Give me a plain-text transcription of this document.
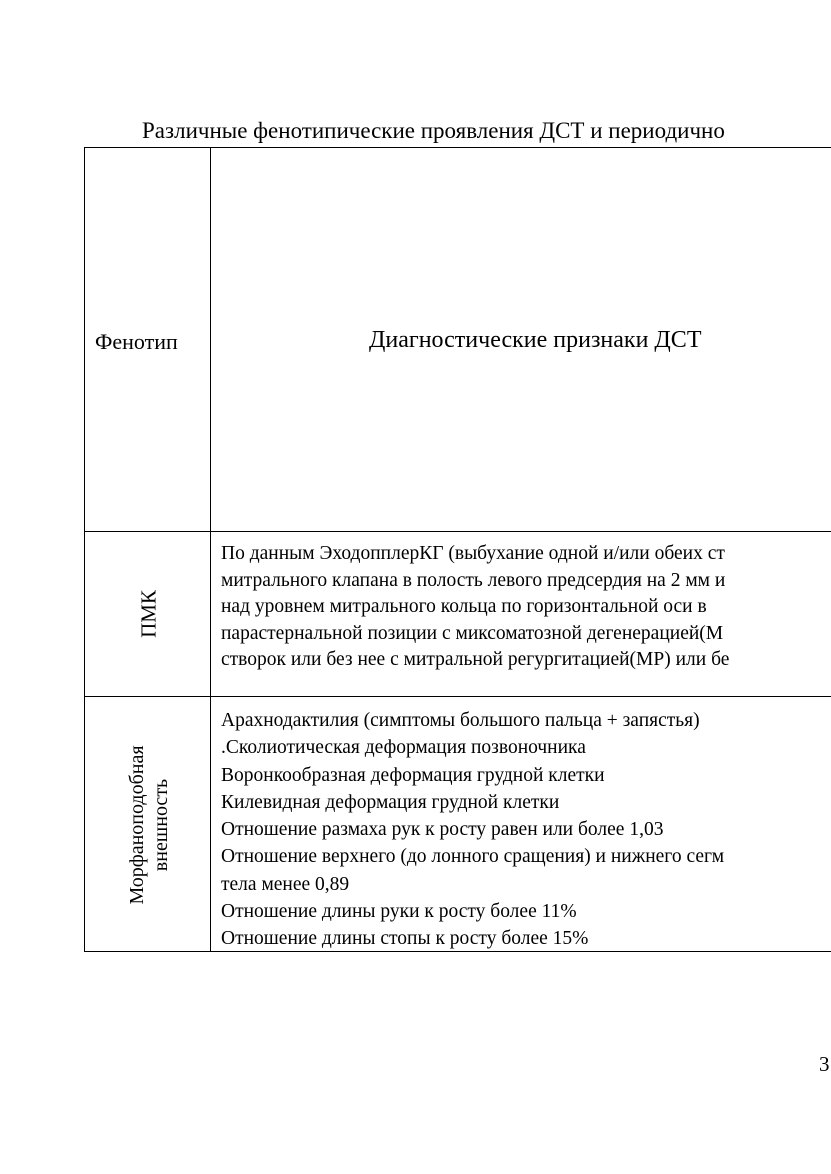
Различные фенотипические проявления ДСТ и периодично
Фенотип	Диагностические признаки ДСТ
ПМК
Морфаноподобная внешность
По данным ЭходопплерКГ (выбухание одной и/или обеих ст
митрального клапана в полость левого предсердия на 2 мм и
над уровнем митрального кольца по горизонтальной оси в
парастернальной позиции с миксоматозной дегенерацией(М
створок или без нее с митральной регургитацией(МР) или бе
Арахнодактилия (симптомы большого пальца + запястья)
.Сколиотическая деформация позвоночника
Воронкообразная деформация грудной клетки
Килевидная деформация грудной клетки
Отношение размаха рук к росту равен или более 1,03
Отношение верхнего (до лонного сращения) и нижнего сегм
тела менее 0,89
Отношение длины руки к росту более 11%
Отношение длины стопы к росту более 15%
3
